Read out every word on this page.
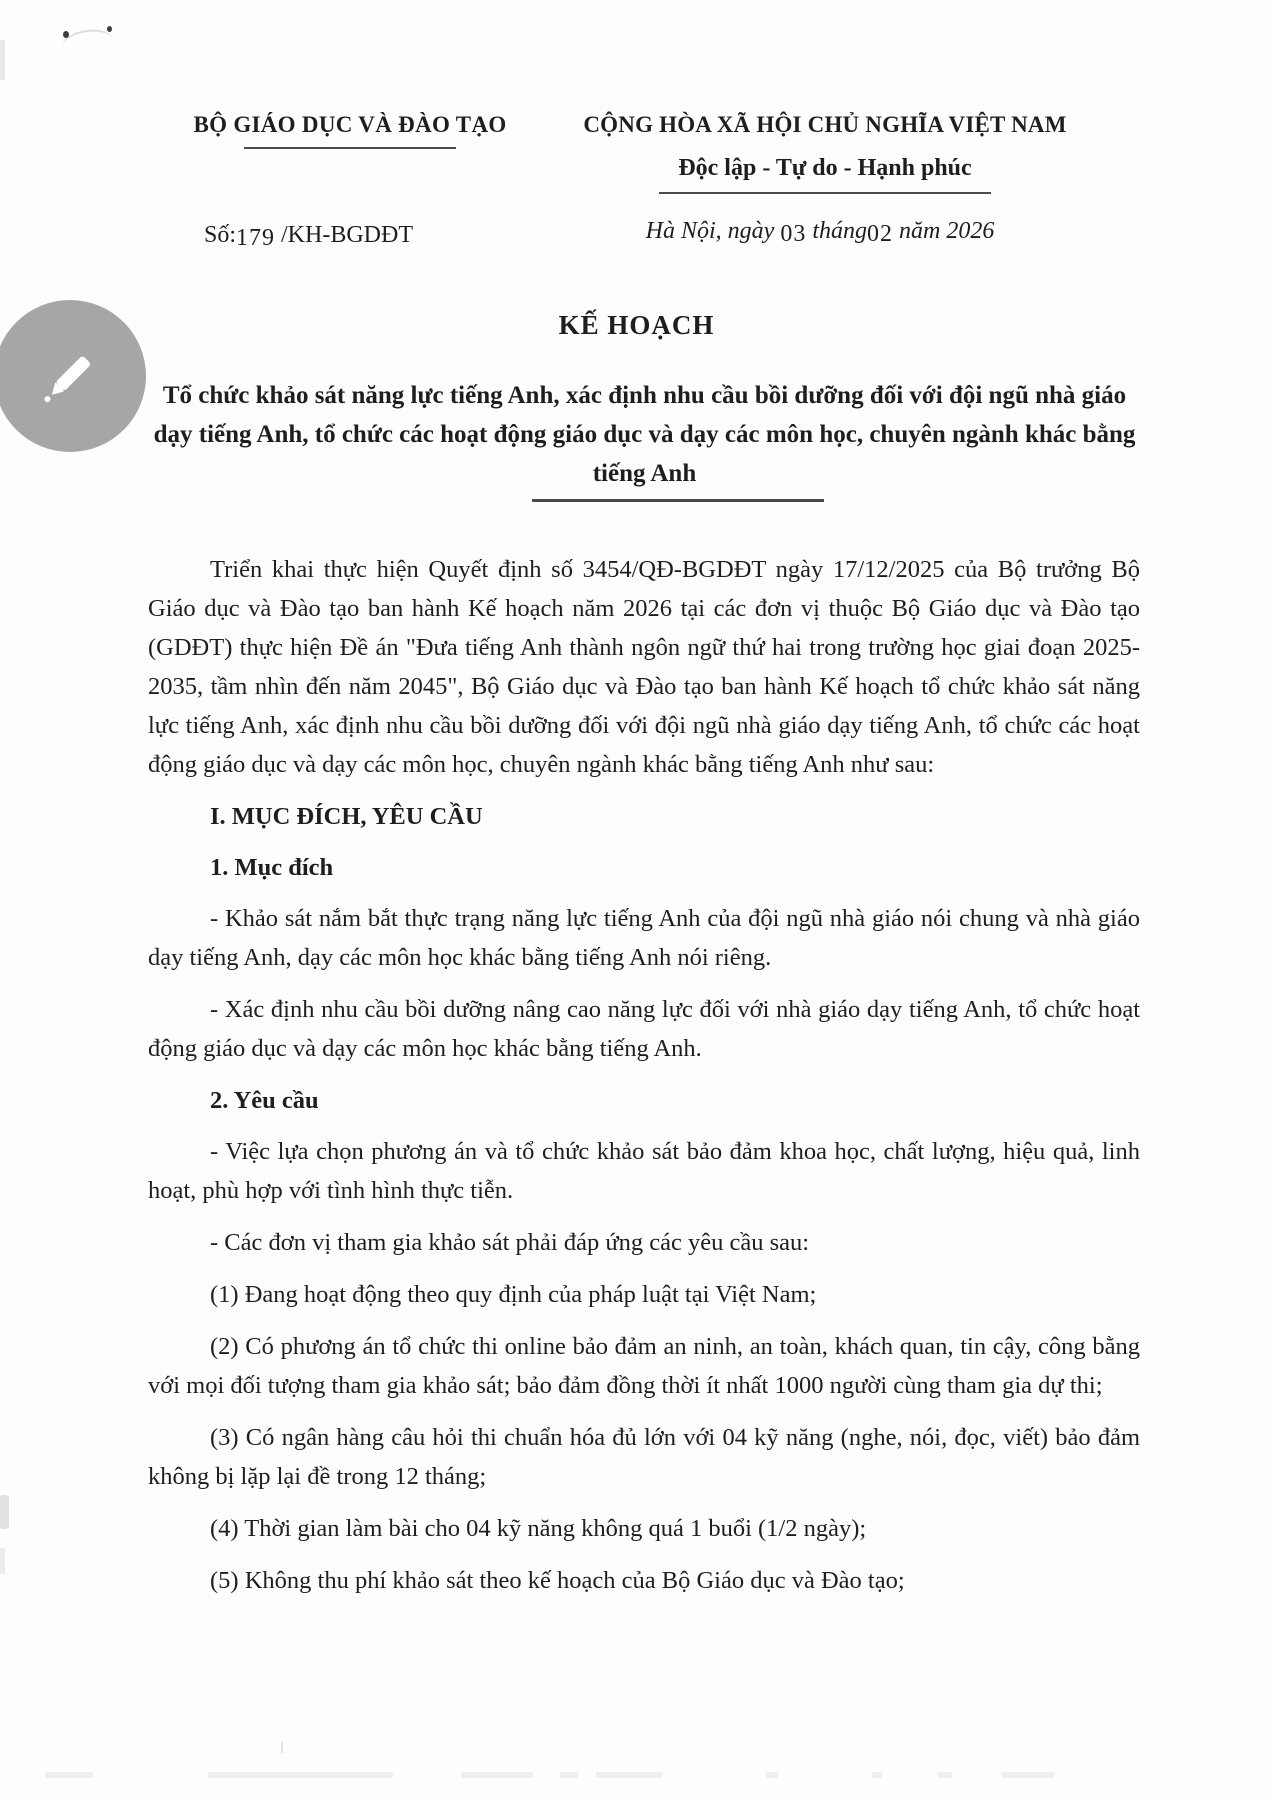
BỘ GIÁO DỤC VÀ ĐÀO TẠO	CỘNG HÒA XÃ HỘI CHỦ NGHĨA VIỆT NAM
Độc lập - Tự do - Hạnh phúc
Số:179 /KH-BGDĐT	Hà Nội, ngày 03 tháng02 năm 2026
KẾ HOẠCH
Tổ chức khảo sát năng lực tiếng Anh, xác định nhu cầu bồi dưỡng đối với đội ngũ nhà giáo dạy tiếng Anh, tổ chức các hoạt động giáo dục và dạy các môn học, chuyên ngành khác bằng tiếng Anh

Triển khai thực hiện Quyết định số 3454/QĐ-BGDĐT ngày 17/12/2025 của Bộ trưởng Bộ Giáo dục và Đào tạo ban hành Kế hoạch năm 2026 tại các đơn vị thuộc Bộ Giáo dục và Đào tạo (GDĐT) thực hiện Đề án "Đưa tiếng Anh thành ngôn ngữ thứ hai trong trường học giai đoạn 2025-2035, tầm nhìn đến năm 2045", Bộ Giáo dục và Đào tạo ban hành Kế hoạch tổ chức khảo sát năng lực tiếng Anh, xác định nhu cầu bồi dưỡng đối với đội ngũ nhà giáo dạy tiếng Anh, tổ chức các hoạt động giáo dục và dạy các môn học, chuyên ngành khác bằng tiếng Anh như sau:

I. MỤC ĐÍCH, YÊU CẦU

1. Mục đích

- Khảo sát nắm bắt thực trạng năng lực tiếng Anh của đội ngũ nhà giáo nói chung và nhà giáo dạy tiếng Anh, dạy các môn học khác bằng tiếng Anh nói riêng.

- Xác định nhu cầu bồi dưỡng nâng cao năng lực đối với nhà giáo dạy tiếng Anh, tổ chức hoạt động giáo dục và dạy các môn học khác bằng tiếng Anh.

2. Yêu cầu

- Việc lựa chọn phương án và tổ chức khảo sát bảo đảm khoa học, chất lượng, hiệu quả, linh hoạt, phù hợp với tình hình thực tiễn.

- Các đơn vị tham gia khảo sát phải đáp ứng các yêu cầu sau:

(1) Đang hoạt động theo quy định của pháp luật tại Việt Nam;

(2) Có phương án tổ chức thi online bảo đảm an ninh, an toàn, khách quan, tin cậy, công bằng với mọi đối tượng tham gia khảo sát; bảo đảm đồng thời ít nhất 1000 người cùng tham gia dự thi;

(3) Có ngân hàng câu hỏi thi chuẩn hóa đủ lớn với 04 kỹ năng (nghe, nói, đọc, viết) bảo đảm không bị lặp lại đề trong 12 tháng;

(4) Thời gian làm bài cho 04 kỹ năng không quá 1 buổi (1/2 ngày);

(5) Không thu phí khảo sát theo kế hoạch của Bộ Giáo dục và Đào tạo;
